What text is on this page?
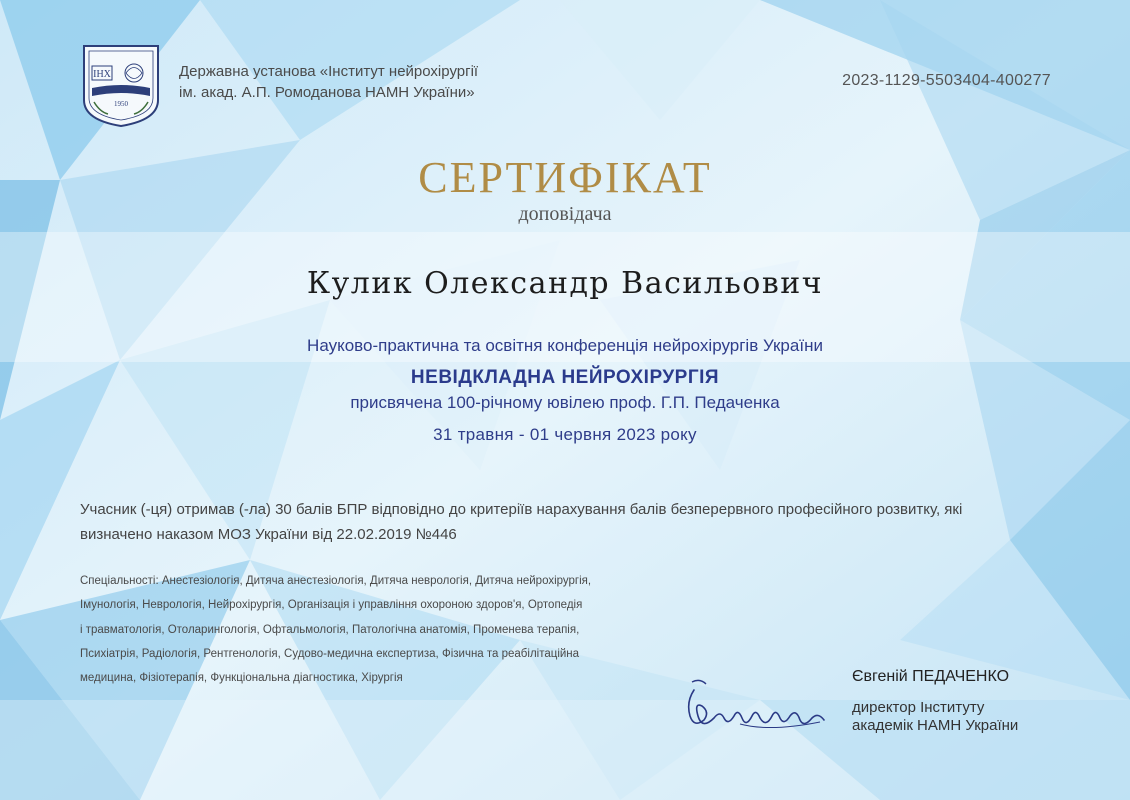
ІНХ
1950
Державна установа «Інститут нейрохірургії
ім. акад. А.П. Ромоданова НАМН України»
2023-1129-5503404-400277
СЕРТИФІКАТ
доповідача
Кулик Олександр Васильович
Науково-практична та освітня конференція нейрохірургів України
НЕВІДКЛАДНА НЕЙРОХІРУРГІЯ
присвячена 100-річному ювілею проф. Г.П. Педаченка
31 травня - 01 червня 2023 року
Учасник (-ця) отримав (-ла) 30 балів БПР відповідно до критеріїв нарахування балів безперервного професійного розвитку, які
визначено наказом МОЗ України від 22.02.2019 №446
Спеціальності: Анестезіологія, Дитяча анестезіологія, Дитяча неврологія, Дитяча нейрохірургія,
Імунологія, Неврологія, Нейрохірургія, Організація і управління охороною здоров'я, Ортопедія
і травматологія, Отоларингологія, Офтальмологія, Патологічна анатомія, Променева терапія,
Психіатрія, Радіологія, Рентгенологія, Судово-медична експертиза, Фізична та реабілітаційна
медицина, Фізіотерапія, Функціональна діагностика, Хірургія	Євгеній ПЕДАЧЕНКО
директор Інституту
академік НАМН України
